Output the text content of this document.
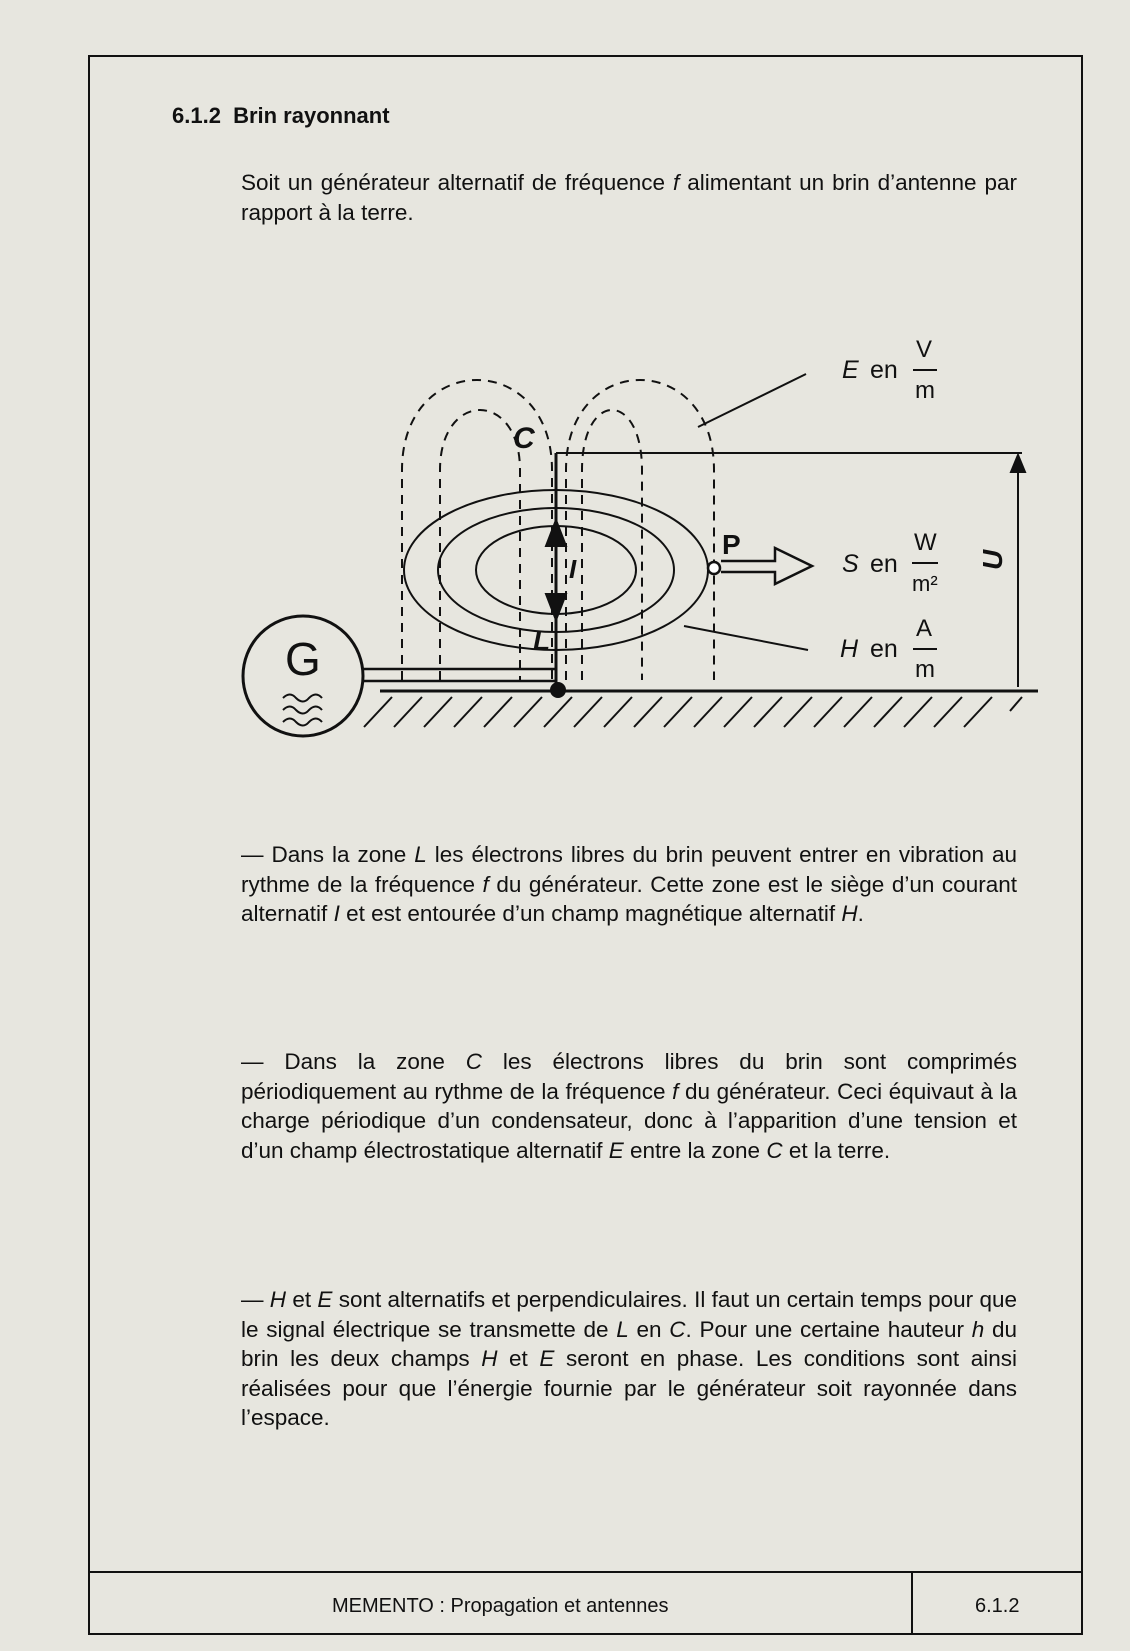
6.1.2 Brin rayonnant
Soit un générateur alternatif de fréquence f alimentant un brin d’antenne par rapport à la terre.
C
L
I
P
G
U
E en
V
m
S en
W
m²
H en
A
m
— Dans la zone L les électrons libres du brin peuvent entrer en vibration au rythme de la fréquence f du générateur. Cette zone est le siège d’un courant alternatif I et est entourée d’un champ magnétique alternatif H.
— Dans la zone C les électrons libres du brin sont comprimés périodiquement au rythme de la fréquence f du générateur. Ceci équivaut à la charge périodique d’un condensateur, donc à l’apparition d’une tension et d’un champ électrostatique alternatif E entre la zone C et la terre.
— H et E sont alternatifs et perpendiculaires. Il faut un certain temps pour que le signal électrique se transmette de L en C. Pour une certaine hauteur h du brin les deux champs H et E seront en phase. Les conditions sont ainsi réalisées pour que l’énergie fournie par le générateur soit rayonnée dans l’espace.
MEMENTO : Propagation et antennes	6.1.2
